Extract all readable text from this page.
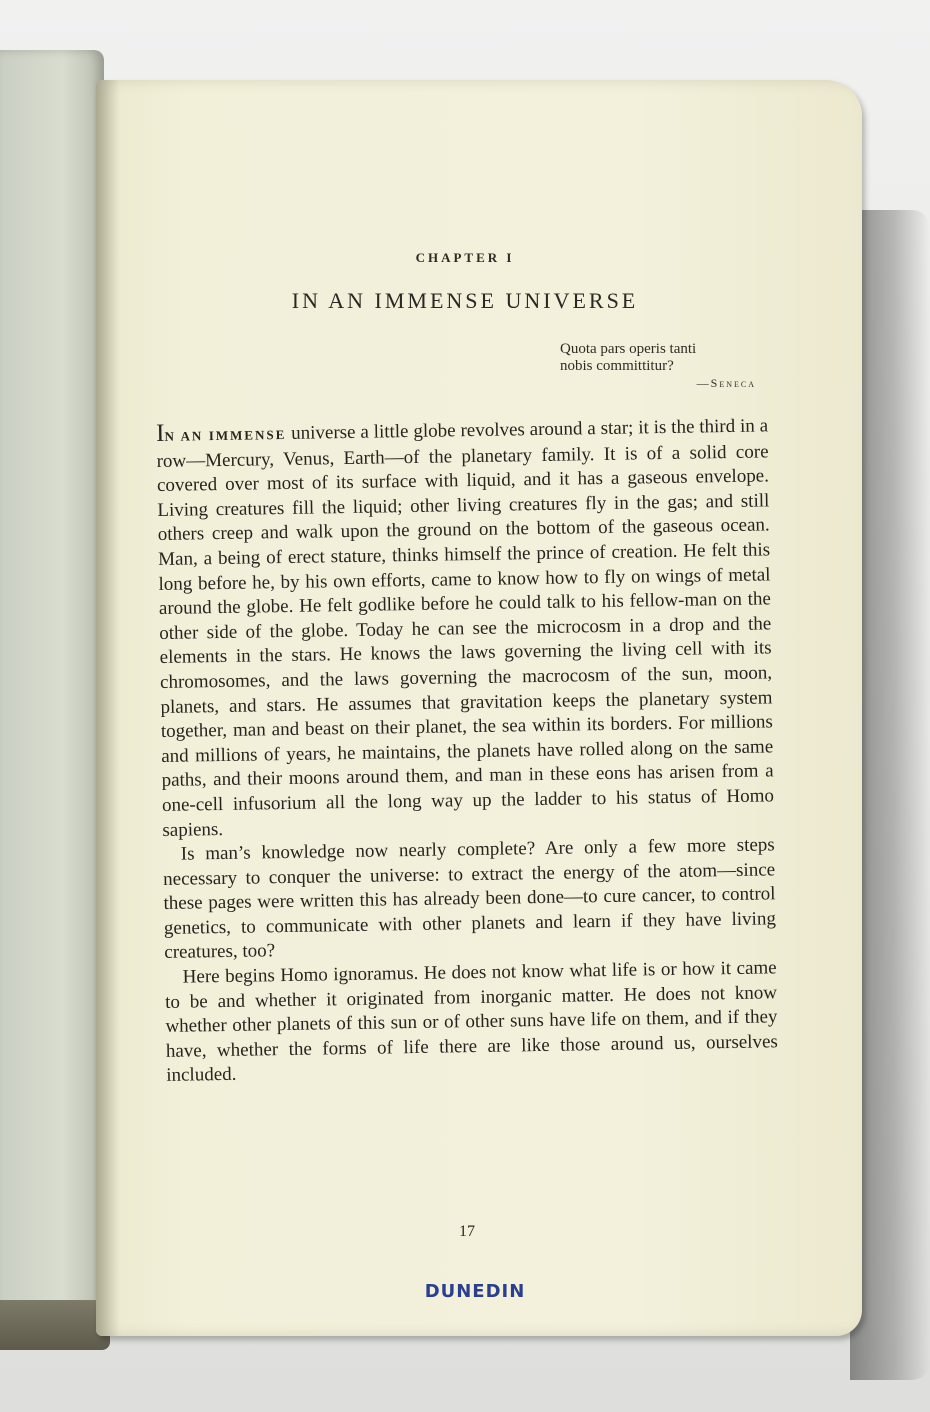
CHAPTER I
IN AN IMMENSE UNIVERSE
Quota pars operis tanti
nobis committitur?

—Seneca

IN AN IMMENSE universe a little globe revolves around a star; it is the third in a row—Mercury, Venus, Earth—of the planetary family. It is of a solid core covered over most of its surface with liquid, and it has a gaseous envelope. Living creatures fill the liquid; other living creatures fly in the gas; and still others creep and walk upon the ground on the bottom of the gaseous ocean. Man, a being of erect stature, thinks himself the prince of creation. He felt this long before he, by his own efforts, came to know how to fly on wings of metal around the globe. He felt godlike before he could talk to his fellow-man on the other side of the globe. Today he can see the microcosm in a drop and the elements in the stars. He knows the laws governing the living cell with its chromosomes, and the laws governing the macrocosm of the sun, moon, planets, and stars. He assumes that gravitation keeps the planetary system together, man and beast on their planet, the sea within its borders. For millions and millions of years, he maintains, the planets have rolled along on the same paths, and their moons around them, and man in these eons has arisen from a one-cell infusorium all the long way up the ladder to his status of Homo sapiens.

Is man’s knowledge now nearly complete? Are only a few more steps necessary to conquer the universe: to extract the energy of the atom—since these pages were written this has already been done—to cure cancer, to control genetics, to communicate with other planets and learn if they have living creatures, too?

Here begins Homo ignoramus. He does not know what life is or how it came to be and whether it originated from inorganic matter. He does not know whether other planets of this sun or of other suns have life on them, and if they have, whether the forms of life there are like those around us, ourselves included.

17
DUNEDIN
